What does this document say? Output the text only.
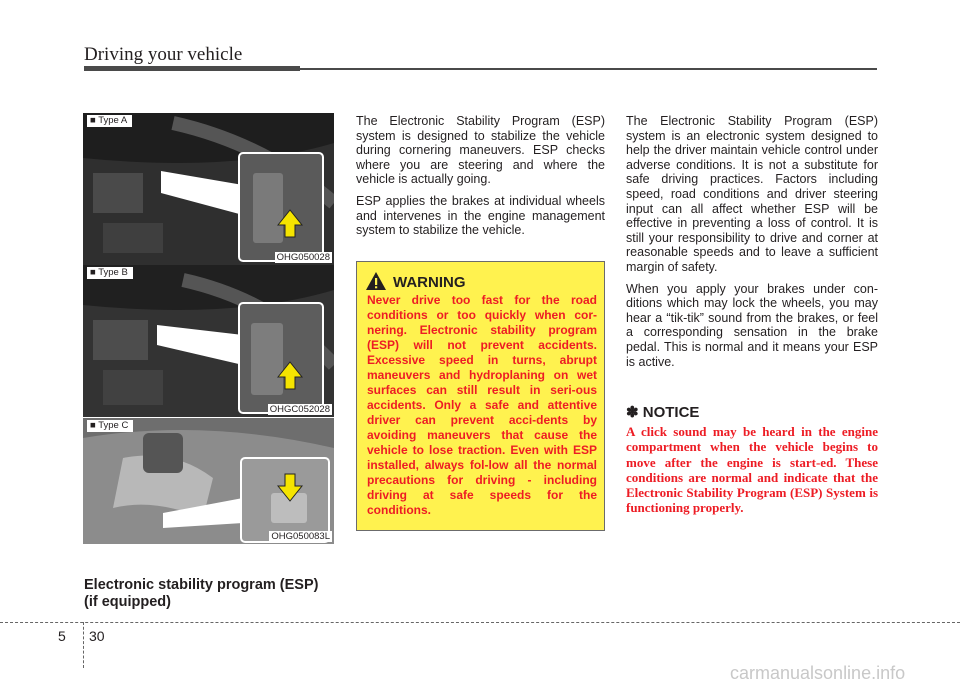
Driving your vehicle
■ Type A
OHG050028
■ Type B
OHGC052028
■ Type C
OHG050083L
Electronic stability program (ESP) (if equipped)

The Electronic Stability Program (ESP) system is designed to stabilize the vehicle during cornering maneuvers. ESP checks where you are steering and where the vehicle is actually going.

ESP applies the brakes at individual wheels and intervenes in the engine management system to stabilize the vehicle.

WARNING
Never drive too fast for the road conditions or too quickly when cor-nering. Electronic stability program (ESP) will not prevent accidents. Excessive speed in turns, abrupt maneuvers and hydroplaning on wet surfaces can still result in seri-ous accidents. Only a safe and attentive driver can prevent acci-dents by avoiding maneuvers that cause the vehicle to lose traction. Even with ESP installed, always fol-low all the normal precautions for driving - including driving at safe speeds for the conditions.

The Electronic Stability Program (ESP) system is an electronic system designed to help the driver maintain vehicle control under adverse conditions. It is not a substitute for safe driving practices. Factors including speed, road conditions and driver steering input can all affect whether ESP will be effective in preventing a loss of control. It is still your responsibility to drive and corner at reasonable speeds and to leave a sufficient margin of safety.

When you apply your brakes under con-ditions which may lock the wheels, you may hear a “tik-tik” sound from the brakes, or feel a corresponding sensation in the brake pedal. This is normal and it means your ESP is active.

✽ NOTICE
A click sound may be heard in the engine compartment when the vehicle begins to move after the engine is start-ed. These conditions are normal and indicate that the Electronic Stability Program (ESP) System is functioning properly.
5 30
carmanualsonline.info
